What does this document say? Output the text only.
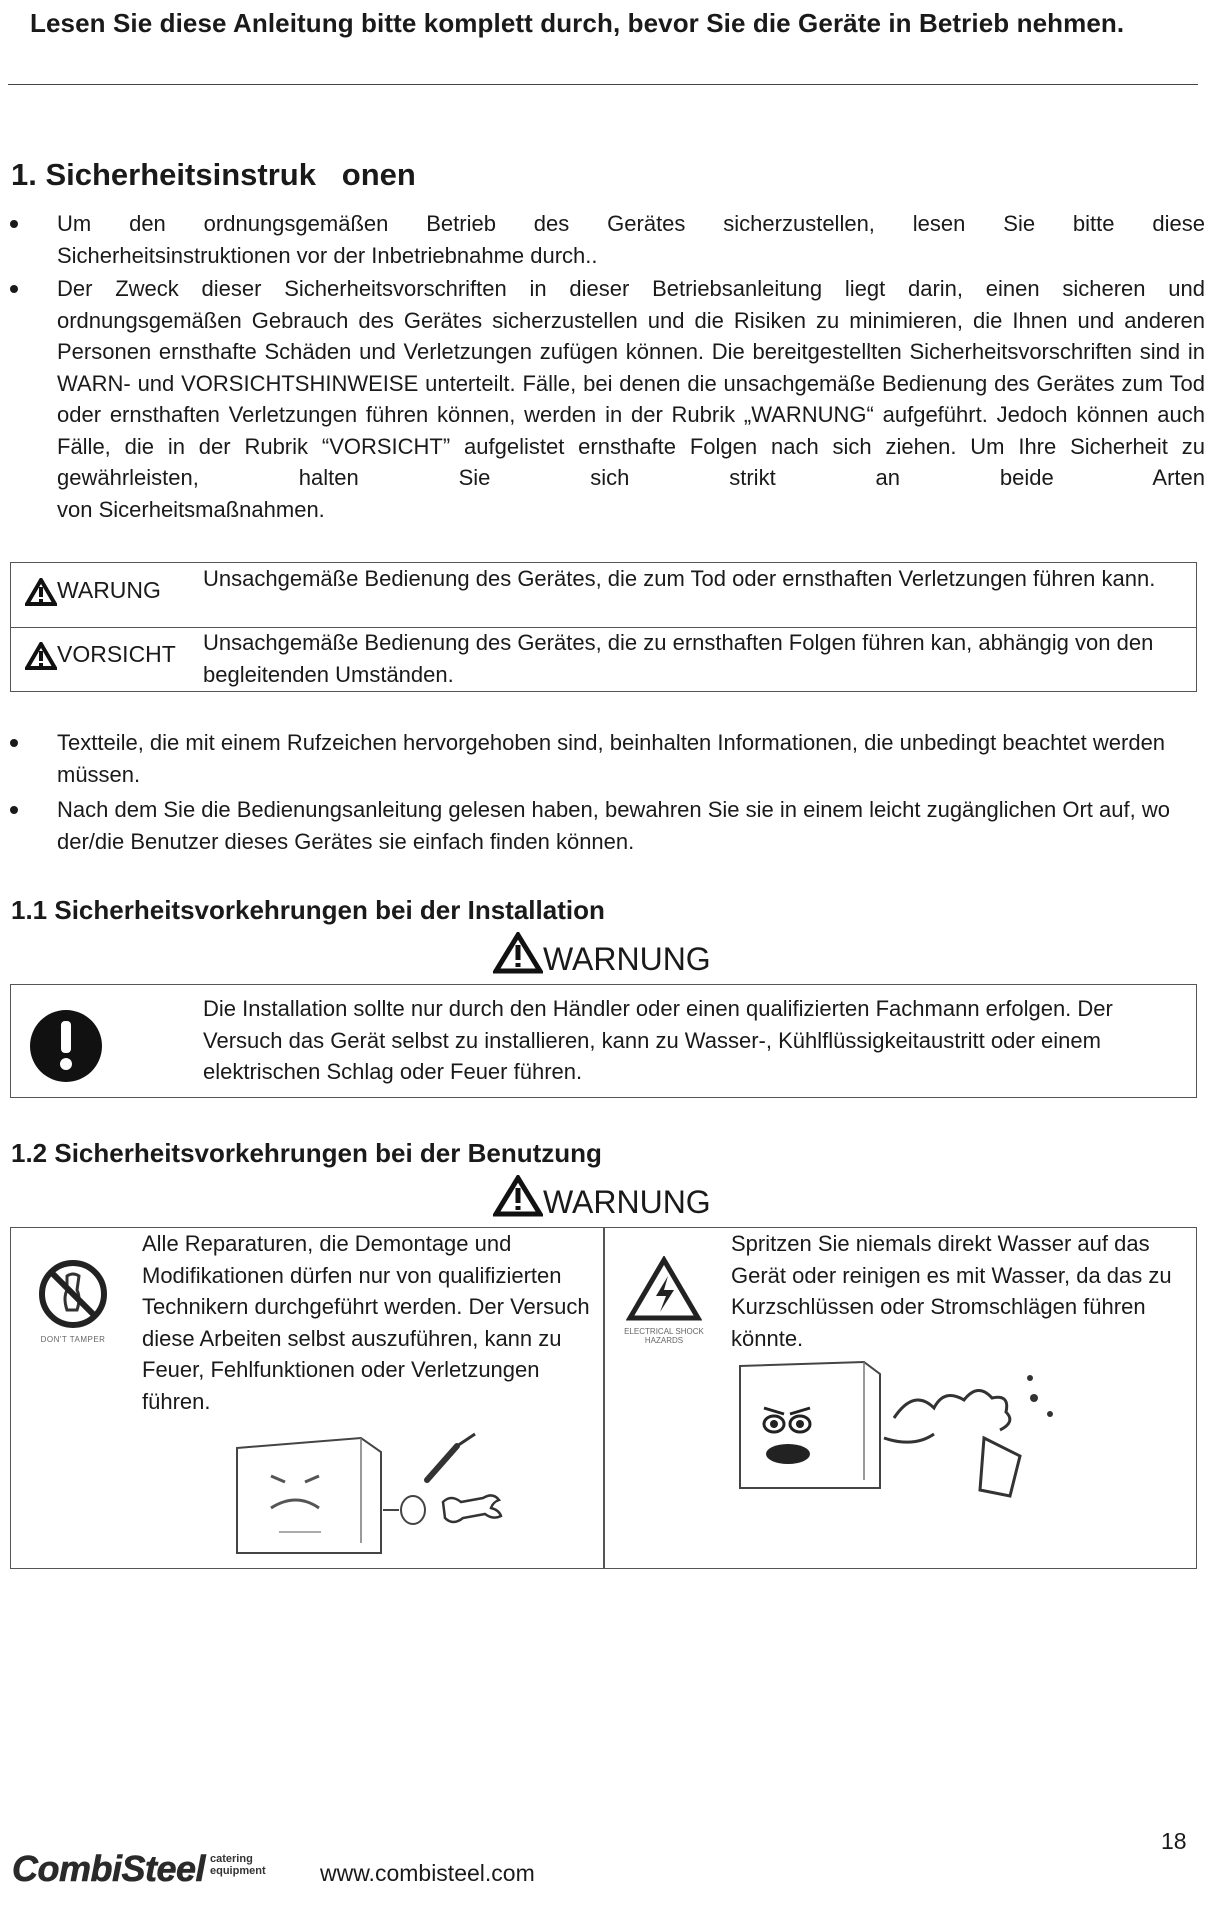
Lesen Sie diese Anleitung bitte komplett durch, bevor Sie die Geräte in Betrieb nehmen.
1. Sicherheitsinstruk   onen
Um den ordnungsgemäßen Betrieb des Gerätes sicherzustellen, lesen Sie bitte diese
Sicherheitsinstruktionen vor der Inbetriebnahme durch..
Der Zweck dieser Sicherheitsvorschriften in dieser Betriebsanleitung liegt darin, einen sicheren und ordnungsgemäßen Gebrauch des Gerätes sicherzustellen und die Risiken zu minimieren, die Ihnen und anderen Personen ernsthafte Schäden und Verletzungen zufügen können. Die bereitgestellten Sicherheitsvorschriften sind in WARN- und VORSICHTSHINWEISE unterteilt. Fälle, bei denen die unsachgemäße Bedienung des Gerätes zum Tod oder ernsthaften Verletzungen führen können, werden in der Rubrik „WARNUNG“ aufgeführt. Jedoch können auch Fälle, die in der Rubrik “VORSICHT” aufgelistet ernsthafte Folgen nach sich ziehen. Um Ihre Sicherheit zu gewährleisten, halten Sie sich strikt an beide Arten
von Sicerheitsmaßnahmen.
WARUNG Unsachgemäße Bedienung des Gerätes, die zum Tod oder ernsthaften Verletzungen führen kann.
VORSICHT Unsachgemäße Bedienung des Gerätes, die zu ernsthaften Folgen führen kan, abhängig von den begleitenden Umständen.
Textteile, die mit einem Rufzeichen hervorgehoben sind, beinhalten Informationen, die unbedingt beachtet werden müssen.
Nach dem Sie die Bedienungsanleitung gelesen haben, bewahren Sie sie in einem leicht zugänglichen Ort auf, wo der/die Benutzer dieses Gerätes sie einfach finden können.
1.1 Sicherheitsvorkehrungen bei der Installation
WARNUNG
Die Installation sollte nur durch den Händler oder einen qualifizierten Fachmann erfolgen. Der Versuch das Gerät selbst zu installieren, kann zu Wasser-, Kühlflüssigkeitaustritt oder einem elektrischen Schlag oder Feuer führen.
1.2 Sicherheitsvorkehrungen bei der Benutzung
WARNUNG
DON'T TAMPER
Alle Reparaturen, die Demontage und Modifikationen dürfen nur von qualifizierten Technikern durchgeführt werden. Der Versuch diese Arbeiten selbst auszuführen, kann zu Feuer, Fehlfunktionen oder Verletzungen führen.
ELECTRICAL SHOCK HAZARDS
Spritzen Sie niemals direkt Wasser auf das Gerät oder reinigen es mit Wasser, da das zu Kurzschlüssen oder Stromschlägen führen könnte.
18
CombiSteel catering
equipment www.combisteel.com
